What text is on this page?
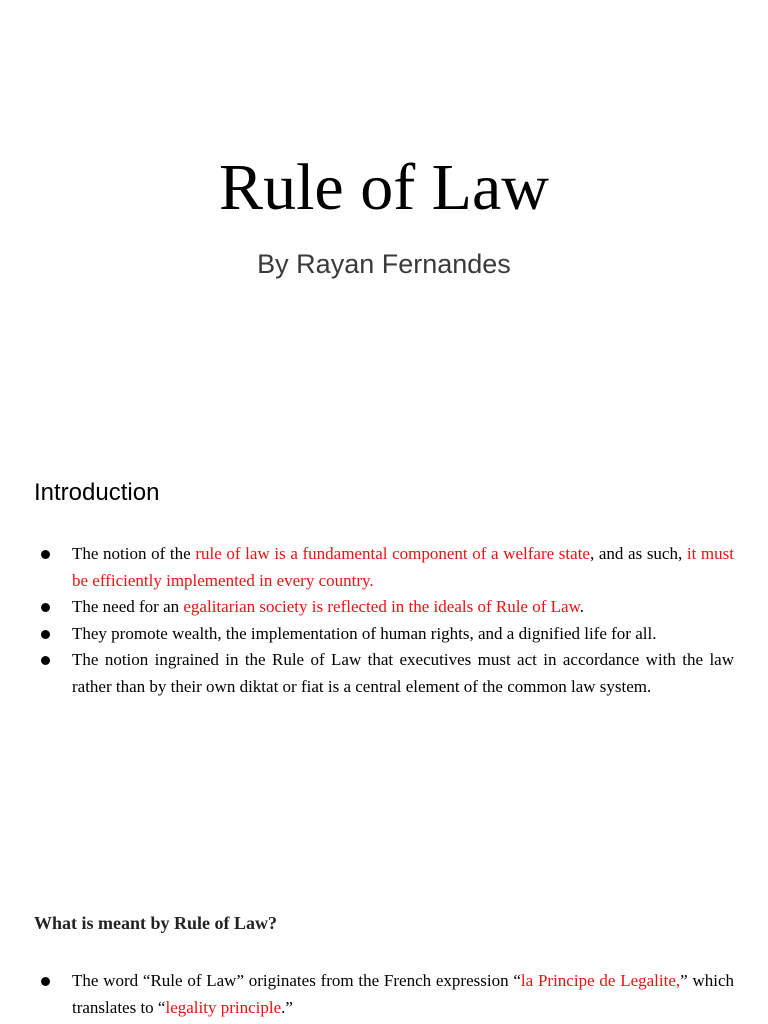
Rule of Law

By Rayan Fernandes

Introduction
The notion of the rule of law is a fundamental component of a welfare state, and as such, it must be efficiently implemented in every country.
The need for an egalitarian society is reflected in the ideals of Rule of Law.
They promote wealth, the implementation of human rights, and a dignified life for all.
The notion ingrained in the Rule of Law that executives must act in accordance with the law rather than by their own diktat or fiat is a central element of the common law system.
What is meant by Rule of Law?
The word “Rule of Law” originates from the French expression “la Principe de Legalite,” which translates to “legality principle.”
